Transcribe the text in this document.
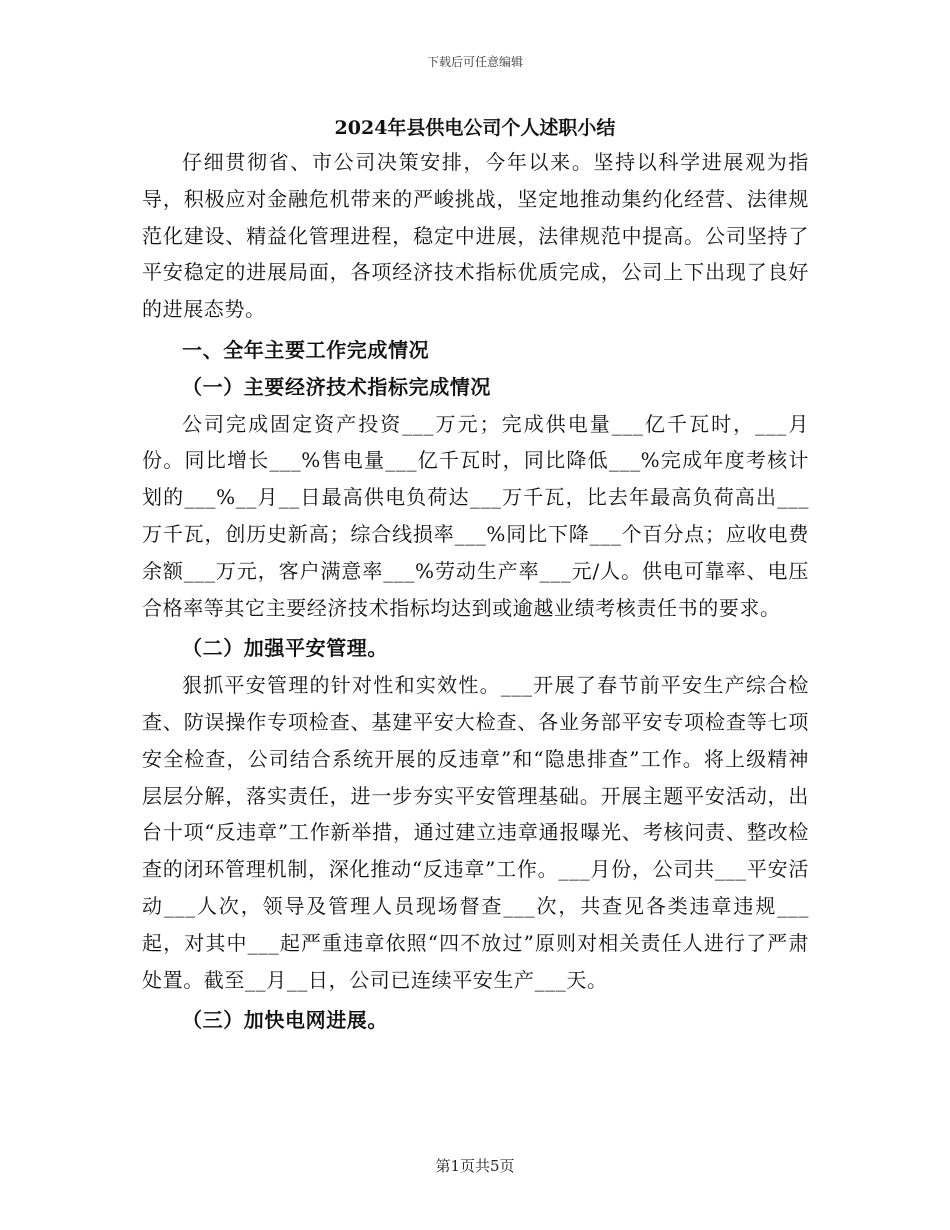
下载后可任意编辑
2024年县供电公司个人述职小结

仔细贯彻省、市公司决策安排，今年以来。坚持以科学进展观为指导，积极应对金融危机带来的严峻挑战，坚定地推动集约化经营、法律规范化建设、精益化管理进程，稳定中进展，法律规范中提高。公司坚持了平安稳定的进展局面，各项经济技术指标优质完成，公司上下出现了良好的进展态势。

一、全年主要工作完成情况
（一）主要经济技术指标完成情况

公司完成固定资产投资___万元；完成供电量___亿千瓦时，___月份。同比增长___%售电量___亿千瓦时，同比降低___%完成年度考核计划的___%__月__日最高供电负荷达___万千瓦，比去年最高负荷高出___万千瓦，创历史新高；综合线损率___%同比下降___个百分点；应收电费余额___万元，客户满意率___%劳动生产率___元/人。供电可靠率、电压合格率等其它主要经济技术指标均达到或逾越业绩考核责任书的要求。

（二）加强平安管理。

狠抓平安管理的针对性和实效性。___开展了春节前平安生产综合检查、防误操作专项检查、基建平安大检查、各业务部平安专项检查等七项安全检查，公司结合系统开展的反违章”和“隐患排查”工作。将上级精神层层分解，落实责任，进一步夯实平安管理基础。开展主题平安活动，出台十项“反违章”工作新举措，通过建立违章通报曝光、考核问责、整改检查的闭环管理机制，深化推动“反违章”工作。___月份，公司共___平安活动___人次，领导及管理人员现场督查___次，共查见各类违章违规___起，对其中___起严重违章依照“四不放过”原则对相关责任人进行了严肃处置。截至__月__日，公司已连续平安生产___天。

（三）加快电网进展。
第1页共5页
